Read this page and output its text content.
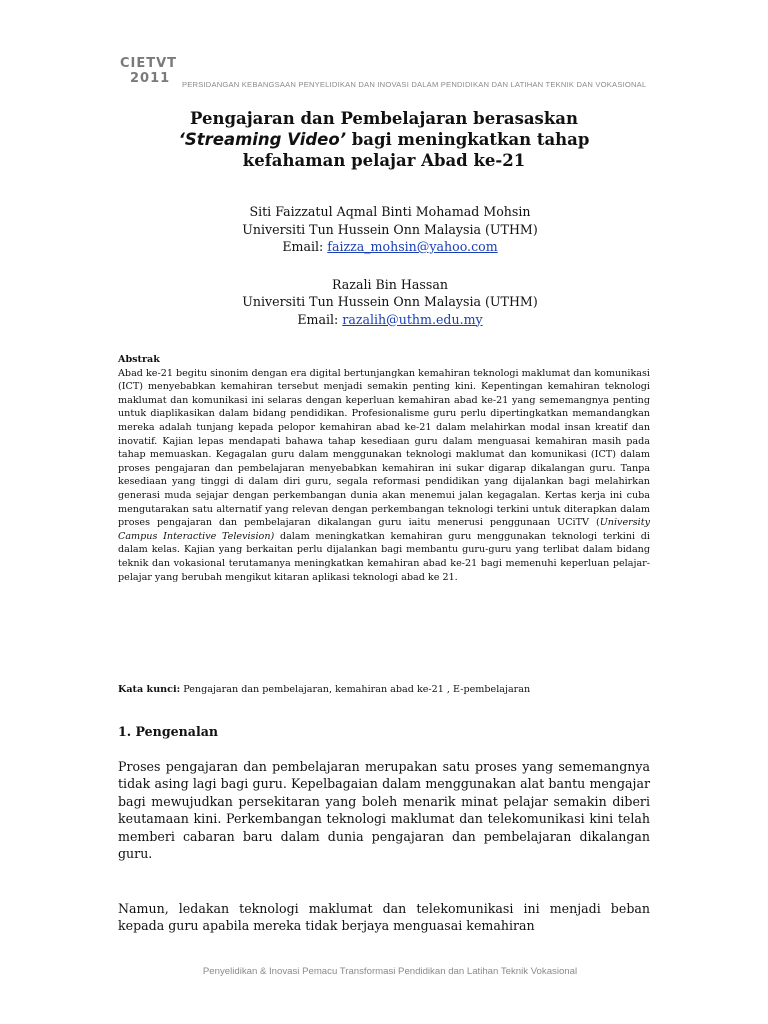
CIETVT
2011	PERSIDANGAN KEBANGSAAN PENYELIDIKAN DAN INOVASI DALAM PENDIDIKAN DAN LATIHAN TEKNIK DAN VOKASIONAL
Pengajaran dan Pembelajaran berasaskan
‘Streaming Video’ bagi meningkatkan tahap
kefahaman pelajar Abad ke-21
Siti Faizzatul Aqmal Binti Mohamad Mohsin
Universiti Tun Hussein Onn Malaysia (UTHM)
Email: faizza_mohsin@yahoo.com
Razali Bin Hassan
Universiti Tun Hussein Onn Malaysia (UTHM)
Email: razalih@uthm.edu.my
Abstrak
Abad ke-21 begitu sinonim dengan era digital bertunjangkan kemahiran teknologi maklumat dan komunikasi (ICT) menyebabkan kemahiran tersebut menjadi semakin penting kini. Kepentingan kemahiran teknologi maklumat dan komunikasi ini selaras dengan keperluan kemahiran abad ke-21 yang sememangnya penting untuk diaplikasikan dalam bidang pendidikan. Profesionalisme guru perlu dipertingkatkan memandangkan mereka adalah tunjang kepada pelopor kemahiran abad ke-21 dalam melahirkan modal insan kreatif dan inovatif. Kajian lepas mendapati bahawa tahap kesediaan guru dalam menguasai kemahiran masih pada tahap memuaskan. Kegagalan guru dalam menggunakan teknologi maklumat dan komunikasi (ICT) dalam proses pengajaran dan pembelajaran menyebabkan kemahiran ini sukar digarap dikalangan guru. Tanpa kesediaan yang tinggi di dalam diri guru, segala reformasi pendidikan yang dijalankan bagi melahirkan generasi muda sejajar dengan perkembangan dunia akan menemui jalan kegagalan. Kertas kerja ini cuba mengutarakan satu alternatif yang relevan dengan perkembangan teknologi terkini untuk diterapkan dalam proses pengajaran dan pembelajaran dikalangan guru iaitu menerusi penggunaan UCiTV (University Campus Interactive Television) dalam meningkatkan kemahiran guru menggunakan teknologi terkini di dalam kelas. Kajian yang berkaitan perlu dijalankan bagi membantu guru-guru yang terlibat dalam bidang teknik dan vokasional terutamanya meningkatkan kemahiran abad ke-21 bagi memenuhi keperluan pelajar-pelajar yang berubah mengikut kitaran aplikasi teknologi abad ke 21.
Kata kunci: Pengajaran dan pembelajaran, kemahiran abad ke-21 , E-pembelajaran
1. Pengenalan
Proses pengajaran dan pembelajaran merupakan satu proses yang sememangnya tidak asing lagi bagi guru. Kepelbagaian dalam menggunakan alat bantu mengajar bagi mewujudkan persekitaran yang boleh menarik minat pelajar semakin diberi keutamaan kini. Perkembangan teknologi maklumat dan telekomunikasi kini telah memberi cabaran baru dalam dunia pengajaran dan pembelajaran dikalangan guru.
Namun, ledakan teknologi maklumat dan telekomunikasi ini menjadi beban kepada guru apabila mereka tidak berjaya menguasai kemahiran
Penyelidikan & Inovasi Pemacu Transformasi Pendidikan dan Latihan Teknik Vokasional
